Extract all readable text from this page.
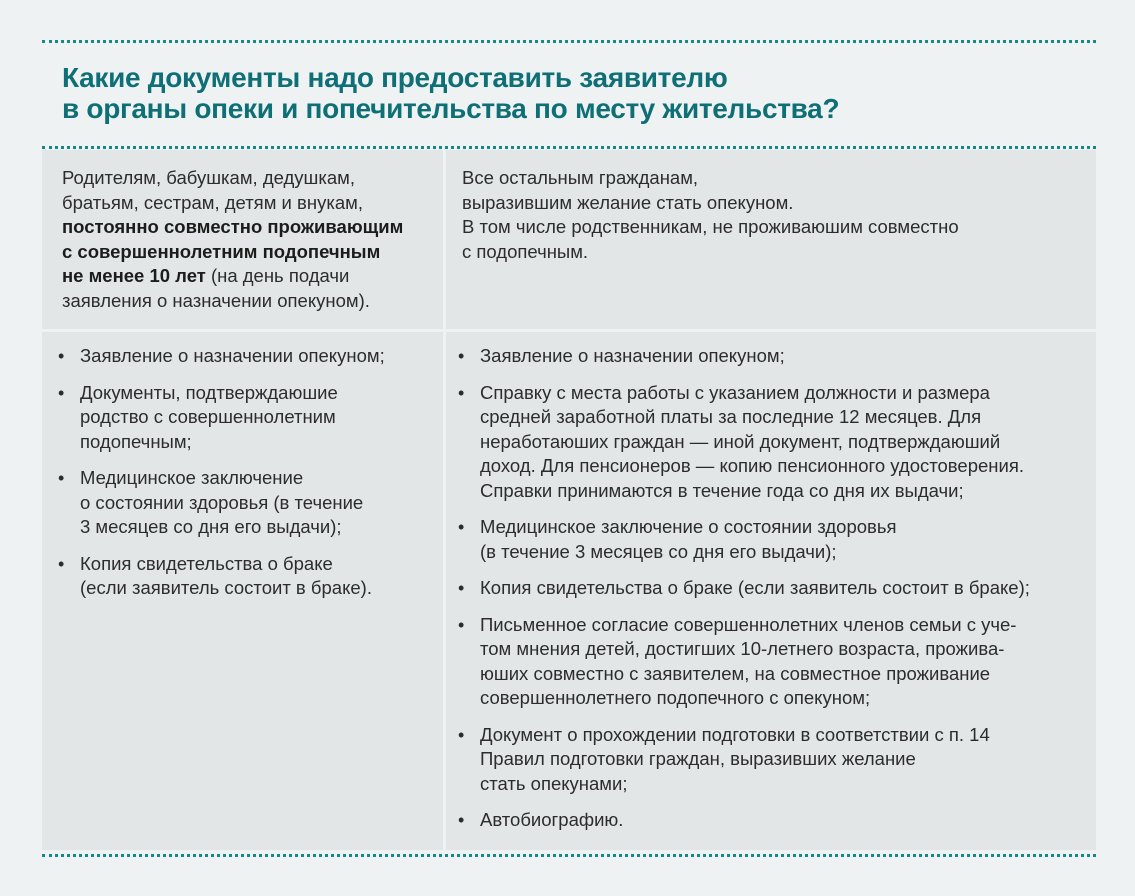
Какие документы надо предоставить заявителю
в органы опеки и попечительства по месту жительства?
Родителям, бабушкам, дедушкам,
братьям, сестрам, детям и внукам,
постоянно совместно проживающим
с совершеннолетним подопечным
не менее 10 лет (на день подачи
заявления о назначении опекуном).
Все остальным гражданам,
выразившим желание стать опекуном.
В том числе родственникам, не проживаюшим совместно
с подопечным.
• Заявление о назначении опекуном;
• Документы, подтверждаюшие
родство с совершеннолетним
подопечным;
• Медицинское заключение
о состоянии здоровья (в течение
3 месяцев со дня его выдачи);
• Копия свидетельства о браке
(если заявитель состоит в браке).
• Заявление о назначении опекуном;
• Справку с места работы с указанием должности и размера
средней заработной платы за последние 12 месяцев. Для
неработаюших граждан — иной документ, подтверждаюший
доход. Для пенсионеров — копию пенсионного удостоверения.
Справки принимаются в течение года со дня их выдачи;
• Медицинское заключение о состоянии здоровья
(в течение 3 месяцев со дня его выдачи);
• Копия свидетельства о браке (если заявитель состоит в браке);
• Письменное согласие совершеннолетних членов семьи с уче-
том мнения детей, достигших 10-летнего возраста, прожива-
юших совместно с заявителем, на совместное проживание
совершеннолетнего подопечного с опекуном;
• Документ о прохождении подготовки в соответствии с п. 14
Правил подготовки граждан, выразивших желание
стать опекунами;
• Автобиографию.
